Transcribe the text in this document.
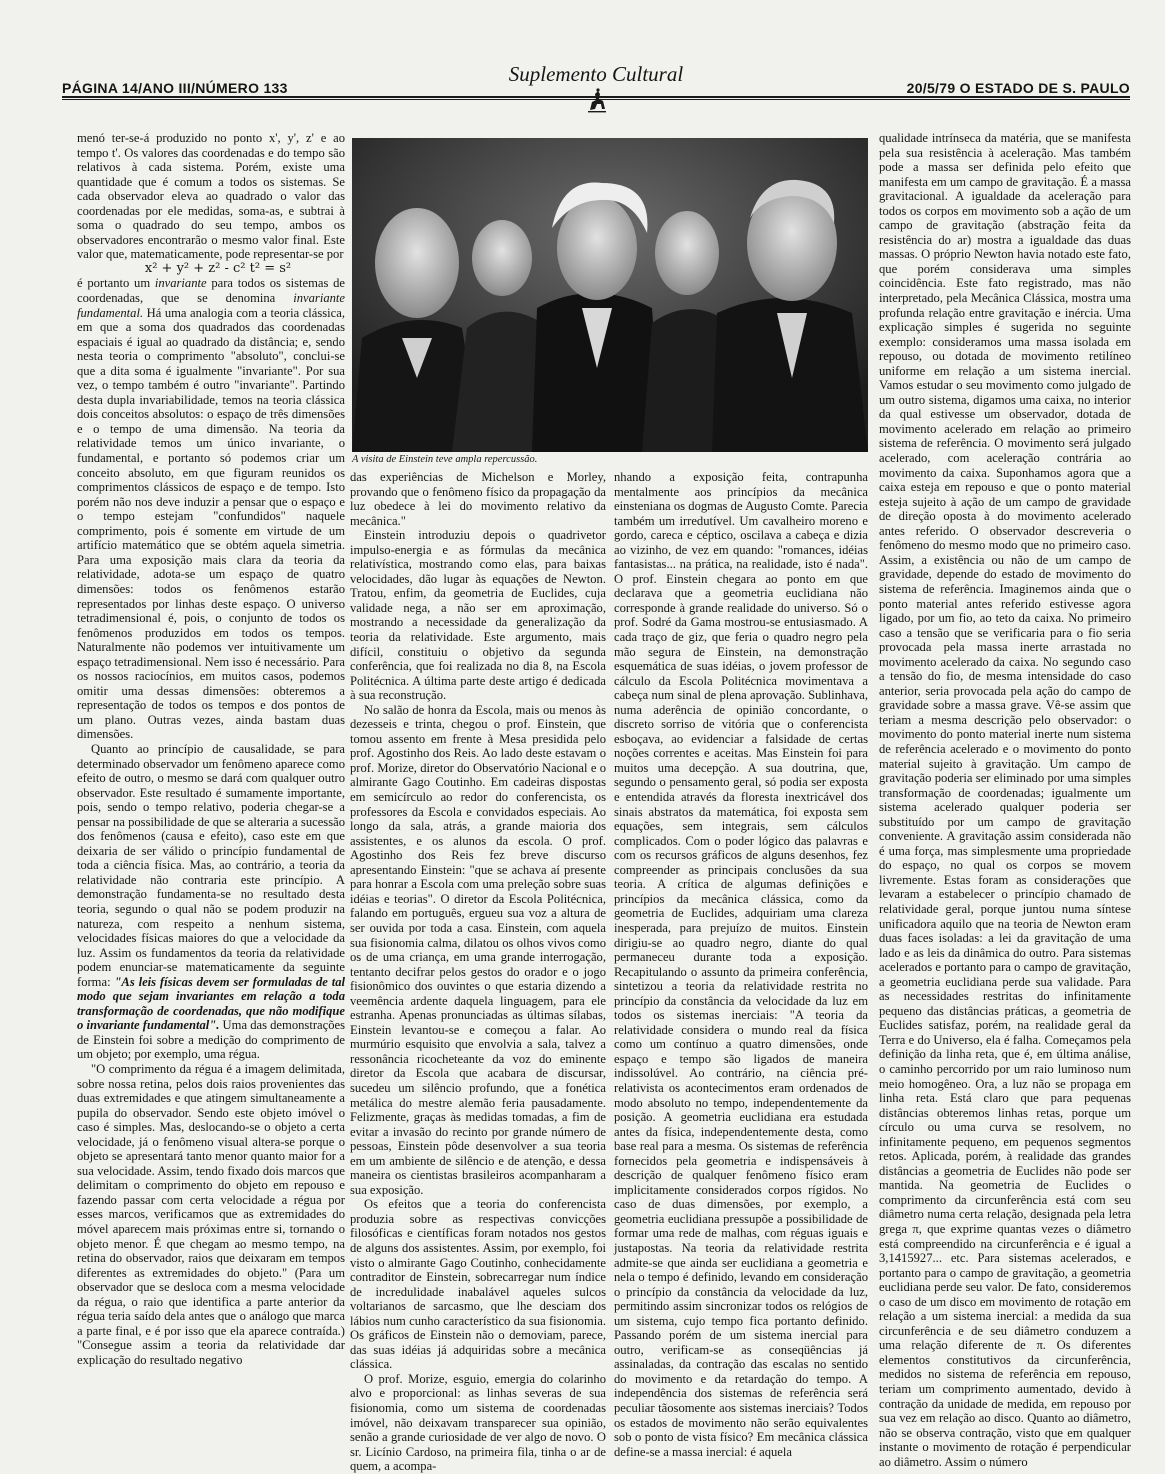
PÁGINA 14/ANO III/NÚMERO 133
Suplemento Cultural
20/5/79 O ESTADO DE S. PAULO

menó ter-se-á produzido no ponto x', y', z' e ao tempo t'. Os valores das coordenadas e do tempo são relativos à cada sistema. Porém, existe uma quantidade que é comum a todos os sistemas. Se cada observador eleva ao quadrado o valor das coordenadas por ele medidas, soma-as, e subtrai à soma o quadrado do seu tempo, ambos os observadores encontrarão o mesmo valor final. Este valor que, matematicamente, pode representar-se por

x² + y² + z² - c² t² = s²

é portanto um invariante para todos os sistemas de coordenadas, que se denomina invariante fundamental. Há uma analogia com a teoria clássica, em que a soma dos quadrados das coordenadas espaciais é igual ao quadrado da distância; e, sendo nesta teoria o comprimento "absoluto", conclui-se que a dita soma é igualmente "invariante". Por sua vez, o tempo também é outro "invariante". Partindo desta dupla invariabilidade, temos na teoria clássica dois conceitos absolutos: o espaço de três dimensões e o tempo de uma dimensão. Na teoria da relatividade temos um único invariante, o fundamental, e portanto só podemos criar um conceito absoluto, em que figuram reunidos os comprimentos clássicos de espaço e de tempo. Isto porém não nos deve induzir a pensar que o espaço e o tempo estejam "confundidos" naquele comprimento, pois é somente em virtude de um artifício matemático que se obtém aquela simetria. Para uma exposição mais clara da teoria da relatividade, adota-se um espaço de quatro dimensões: todos os fenômenos estarão representados por linhas deste espaço. O universo tetradimensional é, pois, o conjunto de todos os fenômenos produzidos em todos os tempos. Naturalmente não podemos ver intuitivamente um espaço tetradimensional. Nem isso é necessário. Para os nossos raciocínios, em muitos casos, podemos omitir uma dessas dimensões: obteremos a representação de todos os tempos e dos pontos de um plano. Outras vezes, ainda bastam duas dimensões.

Quanto ao princípio de causalidade, se para determinado observador um fenômeno aparece como efeito de outro, o mesmo se dará com qualquer outro observador. Este resultado é sumamente importante, pois, sendo o tempo relativo, poderia chegar-se a pensar na possibilidade de que se alteraria a sucessão dos fenômenos (causa e efeito), caso este em que deixaria de ser válido o princípio fundamental de toda a ciência física. Mas, ao contrário, a teoria da relatividade não contraria este princípio. A demonstração fundamenta-se no resultado desta teoria, segundo o qual não se podem produzir na natureza, com respeito a nenhum sistema, velocidades físicas maiores do que a velocidade da luz. Assim os fundamentos da teoria da relatividade podem enunciar-se matematicamente da seguinte forma: "As leis físicas devem ser formuladas de tal modo que sejam invariantes em relação a toda transformação de coordenadas, que não modifique o invariante fundamental". Uma das demonstrações de Einstein foi sobre a medição do comprimento de um objeto; por exemplo, uma régua.

"O comprimento da régua é a imagem delimitada, sobre nossa retina, pelos dois raios provenientes das duas extremidades e que atingem simultaneamente a pupila do observador. Sendo este objeto imóvel o caso é simples. Mas, deslocando-se o objeto a certa velocidade, já o fenômeno visual altera-se porque o objeto se apresentará tanto menor quanto maior for a sua velocidade. Assim, tendo fixado dois marcos que delimitam o comprimento do objeto em repouso e fazendo passar com certa velocidade a régua por esses marcos, verificamos que as extremidades do móvel aparecem mais próximas entre si, tornando o objeto menor. É que chegam ao mesmo tempo, na retina do observador, raios que deixaram em tempos diferentes as extremidades do objeto." (Para um observador que se desloca com a mesma velocidade da régua, o raio que identifica a parte anterior da régua teria saído dela antes que o análogo que marca a parte final, e é por isso que ela aparece contraída.) "Consegue assim a teoria da relatividade dar explicação do resultado negativo

A visita de Einstein teve ampla repercussão.

das experiências de Michelson e Morley, provando que o fenômeno físico da propagação da luz obedece à lei do movimento relativo da mecânica."

Einstein introduziu depois o quadrivetor impulso-energia e as fórmulas da mecânica relativística, mostrando como elas, para baixas velocidades, dão lugar às equações de Newton. Tratou, enfim, da geometria de Euclides, cuja validade nega, a não ser em aproximação, mostrando a necessidade da generalização da teoria da relatividade. Este argumento, mais difícil, constituiu o objetivo da segunda conferência, que foi realizada no dia 8, na Escola Politécnica. A última parte deste artigo é dedicada à sua reconstrução.

No salão de honra da Escola, mais ou menos às dezesseis e trinta, chegou o prof. Einstein, que tomou assento em frente à Mesa presidida pelo prof. Agostinho dos Reis. Ao lado deste estavam o prof. Morize, diretor do Observatório Nacional e o almirante Gago Coutinho. Em cadeiras dispostas em semicírculo ao redor do conferencista, os professores da Escola e convidados especiais. Ao longo da sala, atrás, a grande maioria dos assistentes, e os alunos da escola. O prof. Agostinho dos Reis fez breve discurso apresentando Einstein: "que se achava aí presente para honrar a Escola com uma preleção sobre suas idéias e teorias". O diretor da Escola Politécnica, falando em português, ergueu sua voz a altura de ser ouvida por toda a casa. Einstein, com aquela sua fisionomia calma, dilatou os olhos vivos como os de uma criança, em uma grande interrogação, tentanto decifrar pelos gestos do orador e o jogo fisionômico dos ouvintes o que estaria dizendo a veemência ardente daquela linguagem, para ele estranha. Apenas pronunciadas as últimas sílabas, Einstein levantou-se e começou a falar. Ao murmúrio esquisito que envolvia a sala, talvez a ressonância ricocheteante da voz do eminente diretor da Escola que acabara de discursar, sucedeu um silêncio profundo, que a fonética metálica do mestre alemão feria pausadamente. Felizmente, graças às medidas tomadas, a fim de evitar a invasão do recinto por grande número de pessoas, Einstein pôde desenvolver a sua teoria em um ambiente de silêncio e de atenção, e dessa maneira os cientistas brasileiros acompanharam a sua exposição.

Os efeitos que a teoria do conferencista produzia sobre as respectivas convicções filosóficas e científicas foram notados nos gestos de alguns dos assistentes. Assim, por exemplo, foi visto o almirante Gago Coutinho, conhecidamente contraditor de Einstein, sobrecarregar num índice de incredulidade inabalável aqueles sulcos voltarianos de sarcasmo, que lhe desciam dos lábios num cunho característico da sua fisionomia. Os gráficos de Einstein não o demoviam, parece, das suas idéias já adquiridas sobre a mecânica clássica.

O prof. Morize, esguio, emergia do colarinho alvo e proporcional: as linhas severas de sua fisionomia, como um sistema de coordenadas imóvel, não deixavam transparecer sua opinião, senão a grande curiosidade de ver algo de novo. O sr. Licínio Cardoso, na primeira fila, tinha o ar de quem, a acompa-

nhando a exposição feita, contrapunha mentalmente aos princípios da mecânica einsteniana os dogmas de Augusto Comte. Parecia também um irredutível. Um cavalheiro moreno e gordo, careca e céptico, oscilava a cabeça e dizia ao vizinho, de vez em quando: "romances, idéias fantasistas... na prática, na realidade, isto é nada". O prof. Einstein chegara ao ponto em que declarava que a geometria euclidiana não corresponde à grande realidade do universo. Só o prof. Sodré da Gama mostrou-se entusiasmado. A cada traço de giz, que feria o quadro negro pela mão segura de Einstein, na demonstração esquemática de suas idéias, o jovem professor de cálculo da Escola Politécnica movimentava a cabeça num sinal de plena aprovação. Sublinhava, numa aderência de opinião concordante, o discreto sorriso de vitória que o conferencista esboçava, ao evidenciar a falsidade de certas noções correntes e aceitas. Mas Einstein foi para muitos uma decepção. A sua doutrina, que, segundo o pensamento geral, só podia ser exposta e entendida através da floresta inextricável dos sinais abstratos da matemática, foi exposta sem equações, sem integrais, sem cálculos complicados. Com o poder lógico das palavras e com os recursos gráficos de alguns desenhos, fez compreender as principais conclusões da sua teoria. A crítica de algumas definições e princípios da mecânica clássica, como da geometria de Euclides, adquiriam uma clareza inesperada, para prejuízo de muitos. Einstein dirigiu-se ao quadro negro, diante do qual permaneceu durante toda a exposição. Recapitulando o assunto da primeira conferência, sintetizou a teoria da relatividade restrita no princípio da constância da velocidade da luz em todos os sistemas inerciais: "A teoria da relatividade considera o mundo real da física como um contínuo a quatro dimensões, onde espaço e tempo são ligados de maneira indissolúvel. Ao contrário, na ciência pré-relativista os acontecimentos eram ordenados de modo absoluto no tempo, independentemente da posição. A geometria euclidiana era estudada antes da física, independentemente desta, como base real para a mesma. Os sistemas de referência fornecidos pela geometria e indispensáveis à descrição de qualquer fenômeno físico eram implicitamente considerados corpos rígidos. No caso de duas dimensões, por exemplo, a geometria euclidiana pressupõe a possibilidade de formar uma rede de malhas, com réguas iguais e justapostas. Na teoria da relatividade restrita admite-se que ainda ser euclidiana a geometria e nela o tempo é definido, levando em consideração o princípio da constância da velocidade da luz, permitindo assim sincronizar todos os relógios de um sistema, cujo tempo fica portanto definido. Passando porém de um sistema inercial para outro, verificam-se as conseqüências já assinaladas, da contração das escalas no sentido do movimento e da retardação do tempo. A independência dos sistemas de referência será peculiar tãosomente aos sistemas inerciais? Todos os estados de movimento não serão equivalentes sob o ponto de vista físico? Em mecânica clássica define-se a massa inercial: é aquela

qualidade intrínseca da matéria, que se manifesta pela sua resistência à aceleração. Mas também pode a massa ser definida pelo efeito que manifesta em um campo de gravitação. É a massa gravitacional. A igualdade da aceleração para todos os corpos em movimento sob a ação de um campo de gravitação (abstração feita da resistência do ar) mostra a igualdade das duas massas. O próprio Newton havia notado este fato, que porém considerava uma simples coincidência. Este fato registrado, mas não interpretado, pela Mecânica Clássica, mostra uma profunda relação entre gravitação e inércia. Uma explicação simples é sugerida no seguinte exemplo: consideramos uma massa isolada em repouso, ou dotada de movimento retilíneo uniforme em relação a um sistema inercial. Vamos estudar o seu movimento como julgado de um outro sistema, digamos uma caixa, no interior da qual estivesse um observador, dotada de movimento acelerado em relação ao primeiro sistema de referência. O movimento será julgado acelerado, com aceleração contrária ao movimento da caixa. Suponhamos agora que a caixa esteja em repouso e que o ponto material esteja sujeito à ação de um campo de gravidade de direção oposta à do movimento acelerado antes referido. O observador descreveria o fenômeno do mesmo modo que no primeiro caso. Assim, a existência ou não de um campo de gravidade, depende do estado de movimento do sistema de referência. Imaginemos ainda que o ponto material antes referido estivesse agora ligado, por um fio, ao teto da caixa. No primeiro caso a tensão que se verificaria para o fio seria provocada pela massa inerte arrastada no movimento acelerado da caixa. No segundo caso a tensão do fio, de mesma intensidade do caso anterior, seria provocada pela ação do campo de gravidade sobre a massa grave. Vê-se assim que teriam a mesma descrição pelo observador: o movimento do ponto material inerte num sistema de referência acelerado e o movimento do ponto material sujeito à gravitação. Um campo de gravitação poderia ser eliminado por uma simples transformação de coordenadas; igualmente um sistema acelerado qualquer poderia ser substituído por um campo de gravitação conveniente. A gravitação assim considerada não é uma força, mas simplesmente uma propriedade do espaço, no qual os corpos se movem livremente. Estas foram as considerações que levaram a estabelecer o princípio chamado de relatividade geral, porque juntou numa síntese unificadora aquilo que na teoria de Newton eram duas faces isoladas: a lei da gravitação de uma lado e as leis da dinâmica do outro. Para sistemas acelerados e portanto para o campo de gravitação, a geometria euclidiana perde sua validade. Para as necessidades restritas do infinitamente pequeno das distâncias práticas, a geometria de Euclides satisfaz, porém, na realidade geral da Terra e do Universo, ela é falha. Começamos pela definição da linha reta, que é, em última análise, o caminho percorrido por um raio luminoso num meio homogêneo. Ora, a luz não se propaga em linha reta. Está claro que para pequenas distâncias obteremos linhas retas, porque um círculo ou uma curva se resolvem, no infinitamente pequeno, em pequenos segmentos retos. Aplicada, porém, à realidade das grandes distâncias a geometria de Euclides não pode ser mantida. Na geometria de Euclides o comprimento da circunferência está com seu diâmetro numa certa relação, designada pela letra grega π, que exprime quantas vezes o diâmetro está compreendido na circunferência e é igual a 3,1415927... etc. Para sistemas acelerados, e portanto para o campo de gravitação, a geometria euclidiana perde seu valor. De fato, consideremos o caso de um disco em movimento de rotação em relação a um sistema inercial: a medida da sua circunferência e de seu diâmetro conduzem a uma relação diferente de π. Os diferentes elementos constitutivos da circunferência, medidos no sistema de referência em repouso, teriam um comprimento aumentado, devido à contração da unidade de medida, em repouso por sua vez em relação ao disco. Quanto ao diâmetro, não se observa contração, visto que em qualquer instante o movimento de rotação é perpendicular ao diâmetro. Assim o número
